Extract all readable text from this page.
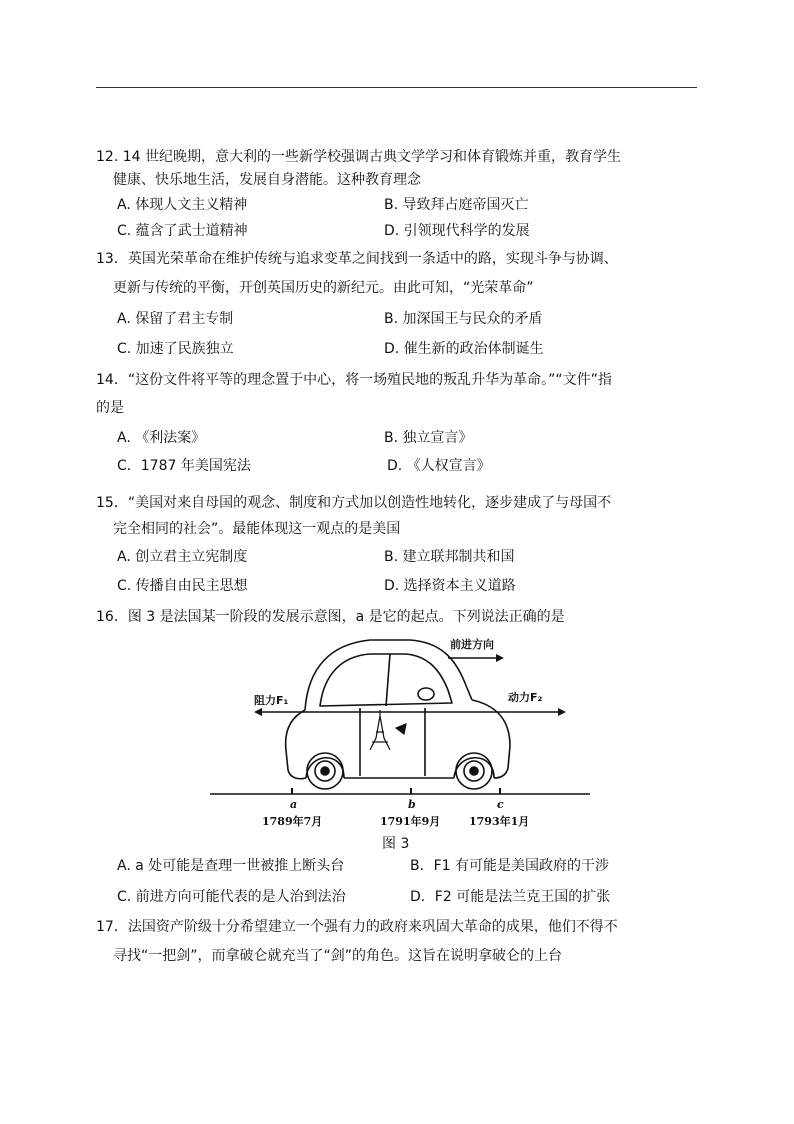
12. 14 世纪晚期，意大利的一些新学校强调古典文学学习和体育锻炼并重，教育学生
健康、快乐地生活，发展自身潜能。这种教育理念
A. 体现人文主义精神	B. 导致拜占庭帝国灭亡
C. 蕴含了武士道精神	D. 引领现代科学的发展
13．英国光荣革命在维护传统与追求变革之间找到一条适中的路，实现斗争与协调、
更新与传统的平衡，开创英国历史的新纪元。由此可知，“光荣革命”
A. 保留了君主专制	B. 加深国王与民众的矛盾
C. 加速了民族独立	D. 催生新的政治体制诞生
14．“这份文件将平等的理念置于中心，将一场殖民地的叛乱升华为革命。”“文件”指
的是
A. 《利法案》	B. 独立宣言》
C．1787 年美国宪法	D. 《人权宣言》
15．“美国对来自母国的观念、制度和方式加以创造性地转化，逐步建成了与母国不
完全相同的社会”。最能体现这一观点的是美国
A. 创立君主立宪制度	B. 建立联邦制共和国
C. 传播自由民主思想	D. 选择资本主义道路
16．图 3 是法国某一阶段的发展示意图，a 是它的起点。下列说法正确的是
前进方向
阻力F₁	动力F₂
a
1789年7月
b
1791年9月
c
1793年1月
图 3
A. a 处可能是查理一世被推上断头台	B．F1 有可能是美国政府的干涉
C. 前进方向可能代表的是人治到法治	D．F2 可能是法兰克王国的扩张
17．法国资产阶级十分希望建立一个强有力的政府来巩固大革命的成果，他们不得不
寻找“一把剑”，而拿破仑就充当了“剑”的角色。这旨在说明拿破仑的上台
